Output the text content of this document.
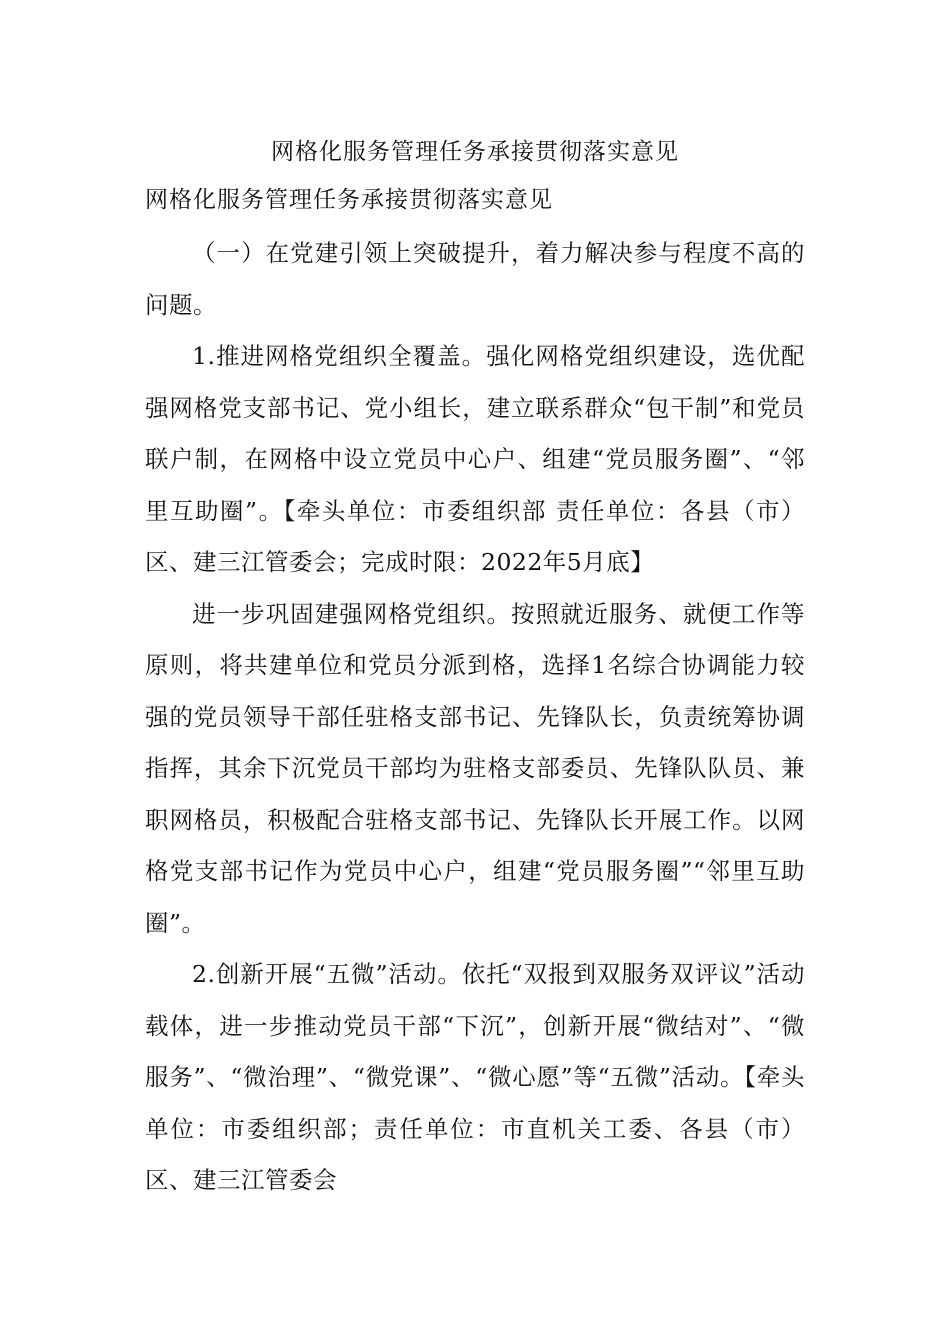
网格化服务管理任务承接贯彻落实意见
网格化服务管理任务承接贯彻落实意见

（一）在党建引领上突破提升，着力解决参与程度不高的问题。

1.推进网格党组织全覆盖。强化网格党组织建设，选优配强网格党支部书记、党小组长，建立联系群众“包干制”和党员联户制，在网格中设立党员中心户、组建“党员服务圈”、“邻里互助圈”。【牵头单位：市委组织部 责任单位：各县（市）区、建三江管委会；完成时限：2022年5月底】

进一步巩固建强网格党组织。按照就近服务、就便工作等原则，将共建单位和党员分派到格，选择1名综合协调能力较强的党员领导干部任驻格支部书记、先锋队长，负责统筹协调指挥，其余下沉党员干部均为驻格支部委员、先锋队队员、兼职网格员，积极配合驻格支部书记、先锋队长开展工作。以网格党支部书记作为党员中心户，组建“党员服务圈”“邻里互助圈”。

2.创新开展“五微”活动。依托“双报到双服务双评议”活动载体，进一步推动党员干部“下沉”，创新开展“微结对”、“微服务”、“微治理”、“微党课”、“微心愿”等“五微”活动。【牵头单位：市委组织部；责任单位：市直机关工委、各县（市）区、建三江管委会
